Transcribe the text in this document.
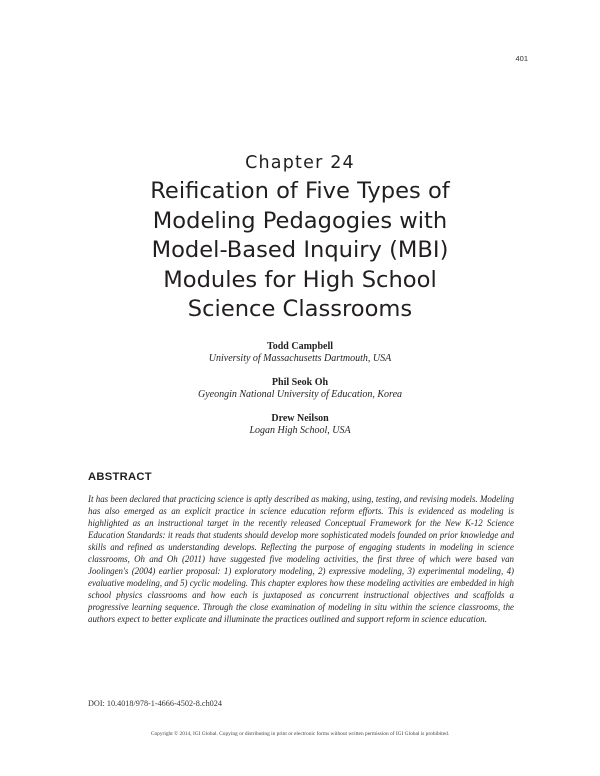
401
Chapter 24
Reification of Five Types of
Modeling Pedagogies with
Model-Based Inquiry (MBI)
Modules for High School
Science Classrooms
Todd Campbell
University of Massachusetts Dartmouth, USA
Phil Seok Oh
Gyeongin National University of Education, Korea
Drew Neilson
Logan High School, USA
ABSTRACT
It has been declared that practicing science is aptly described as making, using, testing, and revising models. Modeling has also emerged as an explicit practice in science education reform efforts. This is evidenced as modeling is highlighted as an instructional target in the recently released Conceptual Framework for the New K-12 Science Education Standards: it reads that students should develop more sophisticated models founded on prior knowledge and skills and refined as understanding develops. Reflecting the purpose of engaging students in modeling in science classrooms, Oh and Oh (2011) have suggested five modeling activities, the first three of which were based van Joolingen's (2004) earlier proposal: 1) exploratory modeling, 2) expressive modeling, 3) experimental modeling, 4) evaluative modeling, and 5) cyclic modeling. This chapter explores how these modeling activities are embedded in high school physics classrooms and how each is juxtaposed as concurrent instructional objectives and scaffolds a progressive learning sequence. Through the close examination of modeling in situ within the science classrooms, the authors expect to better explicate and illuminate the practices outlined and support reform in science education.
DOI: 10.4018/978-1-4666-4502-8.ch024
Copyright © 2014, IGI Global. Copying or distributing in print or electronic forms without written permission of IGI Global is prohibited.
